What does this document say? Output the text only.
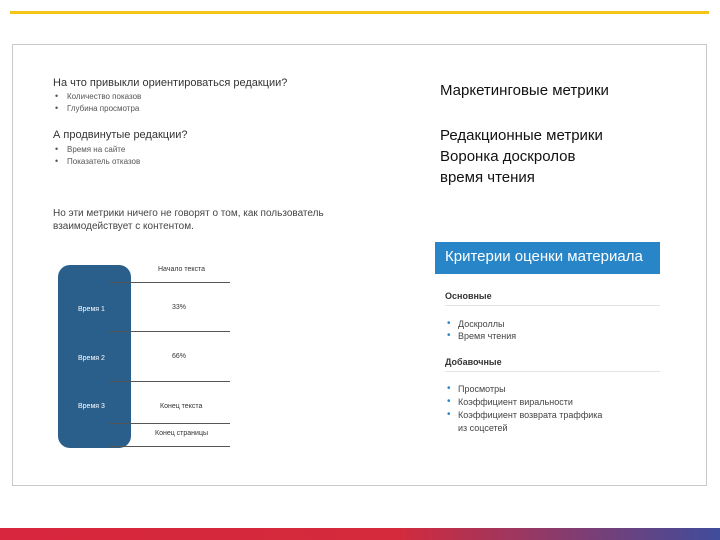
На что привыкли ориентироваться редакции?
• Количество показов
• Глубина просмотра
А продвинутые редакции?
• Время на сайте
• Показатель отказов
Но эти метрики ничего не говорят о том, как пользователь взаимодействует с контентом.
Время 1
Время 2
Время 3
Начало текста
33%
66%
Конец текста
Конец страницы
Маркетинговые метрики
Редакционные метрики
Воронка доскролов
время чтения
Критерии оценки материала
Основные
• Доскроллы
• Время чтения
Добавочные
• Просмотры
• Коэффициент виральности
• Коэффициент возврата траффика
из соцсетей
